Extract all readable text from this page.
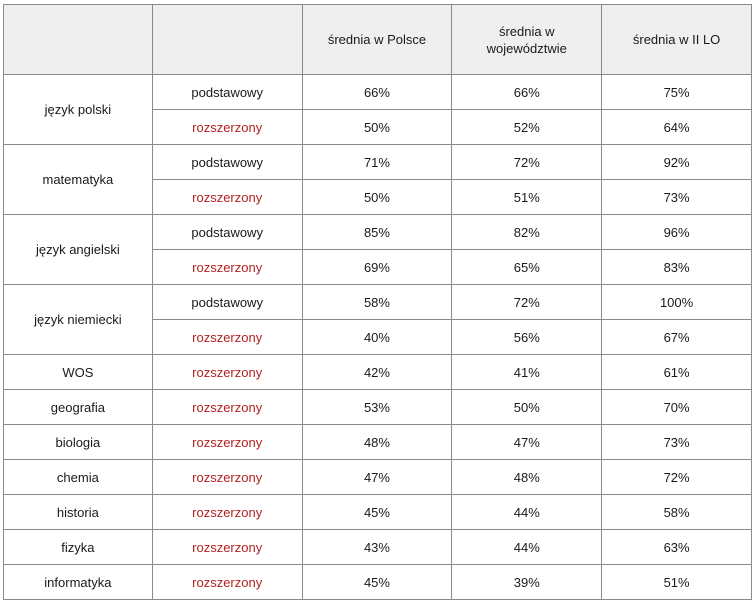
		średnia w Polsce	średnia w województwie	średnia w II LO
język polski	podstawowy	66%	66%	75%
	rozszerzony	50%	52%	64%
matematyka	podstawowy	71%	72%	92%
	rozszerzony	50%	51%	73%
język angielski	podstawowy	85%	82%	96%
	rozszerzony	69%	65%	83%
język niemiecki	podstawowy	58%	72%	100%
	rozszerzony	40%	56%	67%
WOS	rozszerzony	42%	41%	61%
geografia	rozszerzony	53%	50%	70%
biologia	rozszerzony	48%	47%	73%
chemia	rozszerzony	47%	48%	72%
historia	rozszerzony	45%	44%	58%
fizyka	rozszerzony	43%	44%	63%
informatyka	rozszerzony	45%	39%	51%
